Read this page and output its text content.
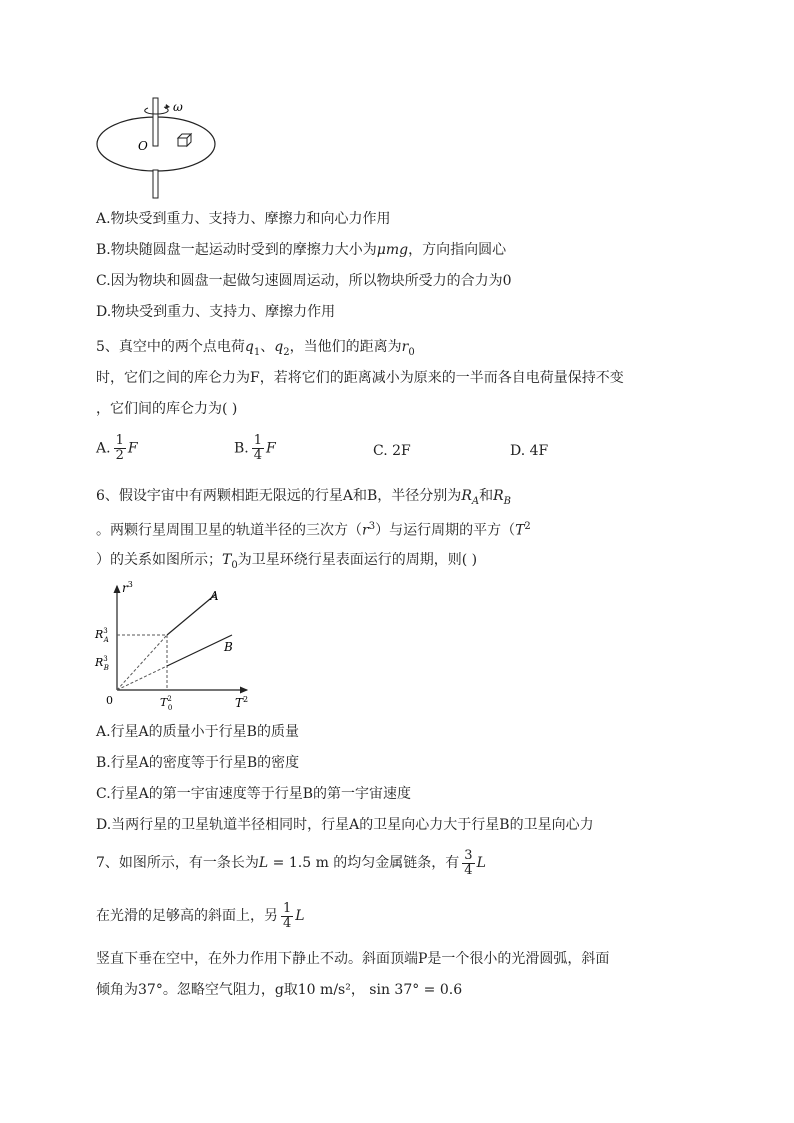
ω
O
A.物块受到重力、支持力、摩擦力和向心力作用
B.物块随圆盘一起运动时受到的摩擦力大小为μmg，方向指向圆心
C.因为物块和圆盘一起做匀速圆周运动，所以物块所受力的合力为0
D.物块受到重力、支持力、摩擦力作用
5、真空中的两个点电荷$q_1$、$q_2$，当他们的距离为$r_0$
时，它们之间的库仑力为F，若将它们的距离减小为原来的一半而各自电荷量保持不变
，它们间的库仑力为( )
A. $\frac{1}{2}$ F	B. $\frac{1}{4}$ F	C. 2F	D. 4F
6、假设宇宙中有两颗相距无限远的行星A和B，半径分别为$R_A$和$R_B$
。两颗行星周围卫星的轨道半径的三次方$(r^3)$与运行周期的平方（$T^2$
）的关系如图所示；$T_0$为卫星环绕行星表面运行的周期，则( )
$r^3$
$T^2$
0
A
B
$R^3$ A
$R^3$ B
$T^2$ 0
A.行星A的质量小于行星B的质量
B.行星A的密度等于行星B的密度
C.行星A的第一宇宙速度等于行星B的第一宇宙速度
D.当两行星的卫星轨道半径相同时，行星A的卫星向心力大于行星B的卫星向心力
7、如图所示，有一条长为L = 1.5 m 的均匀金属链条，有 $\frac{3}{4}$ L
在光滑的足够高的斜面上，另 $\frac{1}{4}$ L
竖直下垂在空中，在外力作用下静止不动。斜面顶端P是一个很小的光滑圆弧，斜面
倾角为37°。忽略空气阻力，g取10 m/s²， sin 37° = 0.6
